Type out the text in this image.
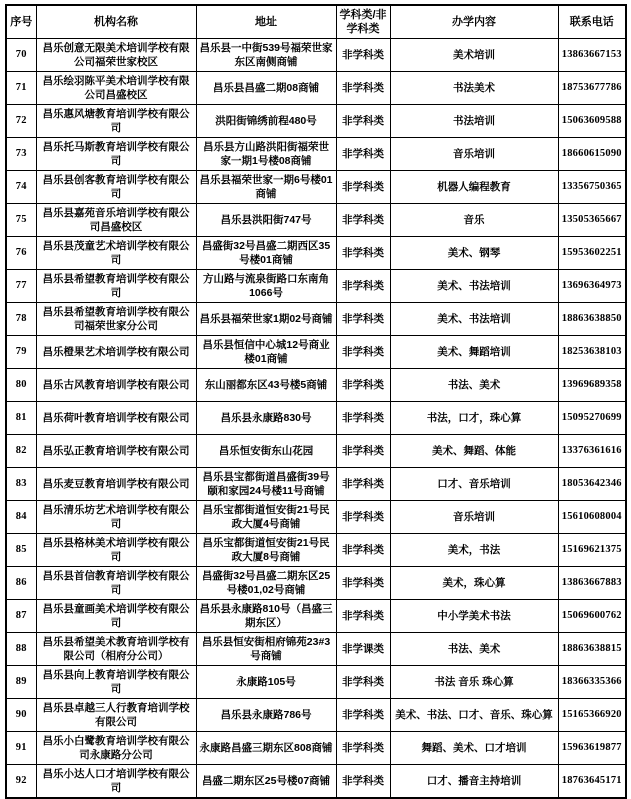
序号	机构名称	地址	学科类/非学科类	办学内容	联系电话
70	昌乐创意无限美术培训学校有限公司福荣世家校区	昌乐县一中街539号福荣世家东区南侧商铺	非学科类	美术培训	13863667153
71	昌乐绘羽陈平美术培训学校有限公司昌盛校区	昌乐县昌盛二期08商铺	非学科类	书法美术	18753677786
72	昌乐惠风塘教育培训学校有限公司	洪阳街锦绣前程480号	非学科类	书法培训	15063609588
73	昌乐托马斯教育培训学校有限公司	昌乐县方山路洪阳街福荣世家一期1号楼08商铺	非学科类	音乐培训	18660615090
74	昌乐县创客教育培训学校有限公司	昌乐县福荣世家一期6号楼01商铺	非学科类	机器人编程教育	13356750365
75	昌乐县嘉苑音乐培训学校有限公司昌盛校区	昌乐县洪阳街747号	非学科类	音乐	13505365667
76	昌乐县茂童艺术培训学校有限公司	昌盛街32号昌盛二期西区35号楼01商铺	非学科类	美术、钢琴	15953602251
77	昌乐县希望教育培训学校有限公司	方山路与流泉街路口东南角1066号	非学科类	美术、书法培训	13696364973
78	昌乐县希望教育培训学校有限公司福荣世家分公司	昌乐县福荣世家1期02号商铺	非学科类	美术、书法培训	18863638850
79	昌乐橙果艺术培训学校有限公司	昌乐县恒信中心城12号商业楼01商铺	非学科类	美术、舞蹈培训	18253638103
80	昌乐古风教育培训学校有限公司	东山丽都东区43号楼5商铺	非学科类	书法、美术	13969689358
81	昌乐荷叶教育培训学校有限公司	昌乐县永康路830号	非学科类	书法，口才，珠心算	15095270699
82	昌乐弘正教育培训学校有限公司	昌乐恒安街东山花园	非学科类	美术、舞蹈、体能	13376361616
83	昌乐麦豆教育培训学校有限公司	昌乐县宝都街道昌盛街39号颐和家园24号楼11号商铺	非学科类	口才、音乐培训	18053642346
84	昌乐清乐坊艺术培训学校有限公司	昌乐宝都街道恒安街21号民政大厦4号商铺	非学科类	音乐培训	15610608004
85	昌乐县格林美术培训学校有限公司	昌乐宝都街道恒安街21号民政大厦8号商铺	非学科类	美术，书法	15169621375
86	昌乐县首信教育培训学校有限公司	昌盛街32号昌盛二期东区25号楼01,02号商铺	非学科类	美术，珠心算	13863667883
87	昌乐县童画美术培训学校有限公司	昌乐县永康路810号（昌盛三期东区）	非学科类	中小学美术书法	15069600762
88	昌乐县希望美术教育培训学校有限公司（相府分公司）	昌乐县恒安街相府锦苑23#3号商铺	非学课类	书法、美术	18863638815
89	昌乐县向上教育培训学校有限公司	永康路105号	非学科类	书法 音乐 珠心算	18366335366
90	昌乐县卓越三人行教育培训学校有限公司	昌乐县永康路786号	非学科类	美术、书法、口才、音乐、珠心算	15165366920
91	昌乐小白鹭教育培训学校有限公司永康路分公司	永康路昌盛三期东区808商铺	非学科类	舞蹈、美术、口才培训	15963619877
92	昌乐小达人口才培训学校有限公司	昌盛二期东区25号楼07商铺	非学科类	口才、播音主持培训	18763645171
